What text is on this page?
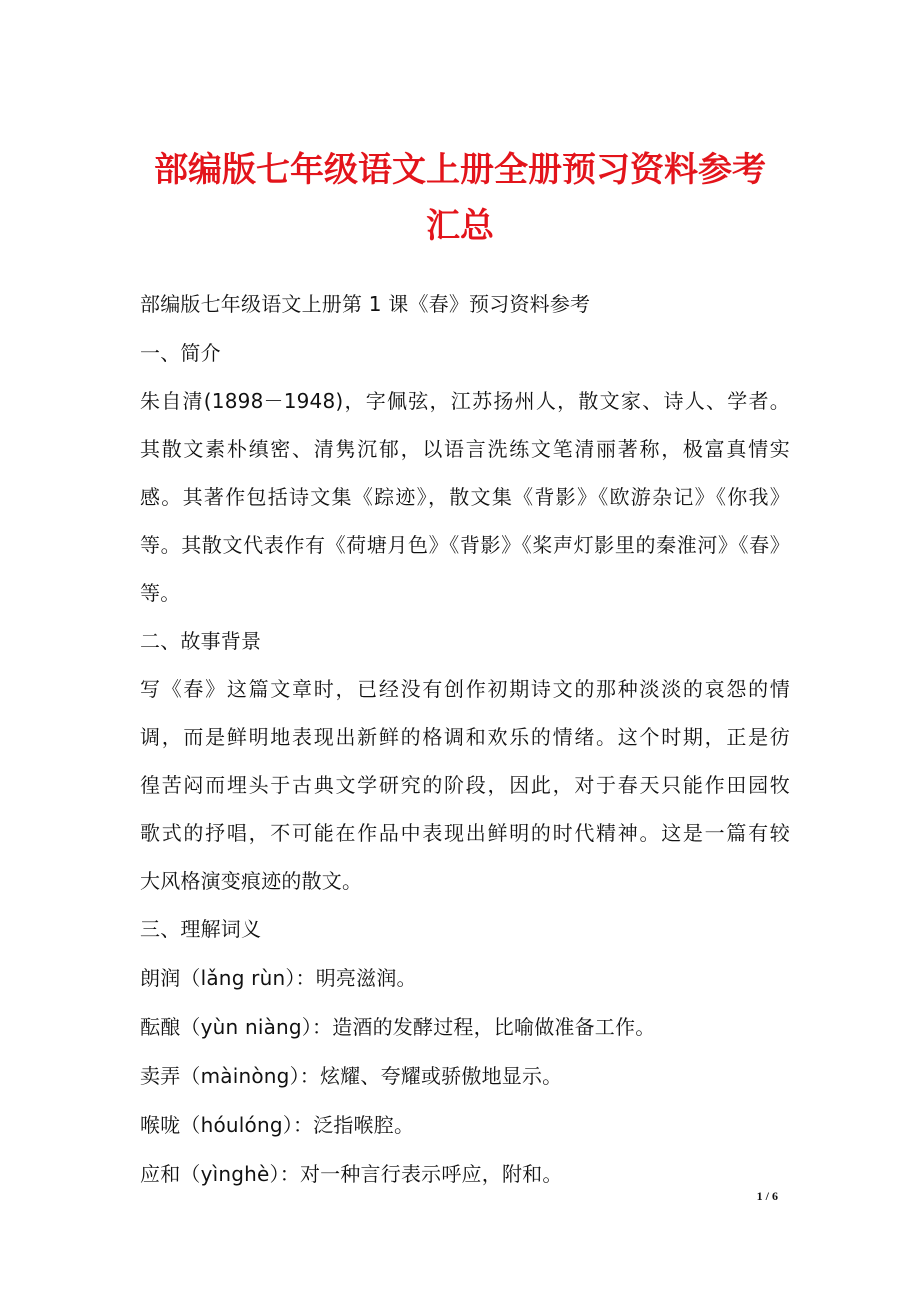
部编版七年级语文上册全册预习资料参考
汇总
部编版七年级语文上册第 1 课《春》预习资料参考
一、简介
朱自清(1898－1948)，字佩弦，江苏扬州人，散文家、诗人、学者。
其散文素朴缜密、清隽沉郁，以语言洗练文笔清丽著称，极富真情实
感。其著作包括诗文集《踪迹》，散文集《背影》《欧游杂记》《你我》
等。其散文代表作有《荷塘月色》《背影》《桨声灯影里的秦淮河》《春》
等。
二、故事背景
写《春》这篇文章时，已经没有创作初期诗文的那种淡淡的哀怨的情
调，而是鲜明地表现出新鲜的格调和欢乐的情绪。这个时期，正是彷
徨苦闷而埋头于古典文学研究的阶段，因此，对于春天只能作田园牧
歌式的抒唱，不可能在作品中表现出鲜明的时代精神。这是一篇有较
大风格演变痕迹的散文。
三、理解词义
朗润（lǎng rùn）：明亮滋润。
酝酿（yùn niàng）：造酒的发酵过程，比喻做准备工作。
卖弄（màinòng）：炫耀、夸耀或骄傲地显示。
喉咙（hóulóng）：泛指喉腔。
应和（yìnghè）：对一种言行表示呼应，附和。
1 / 6
